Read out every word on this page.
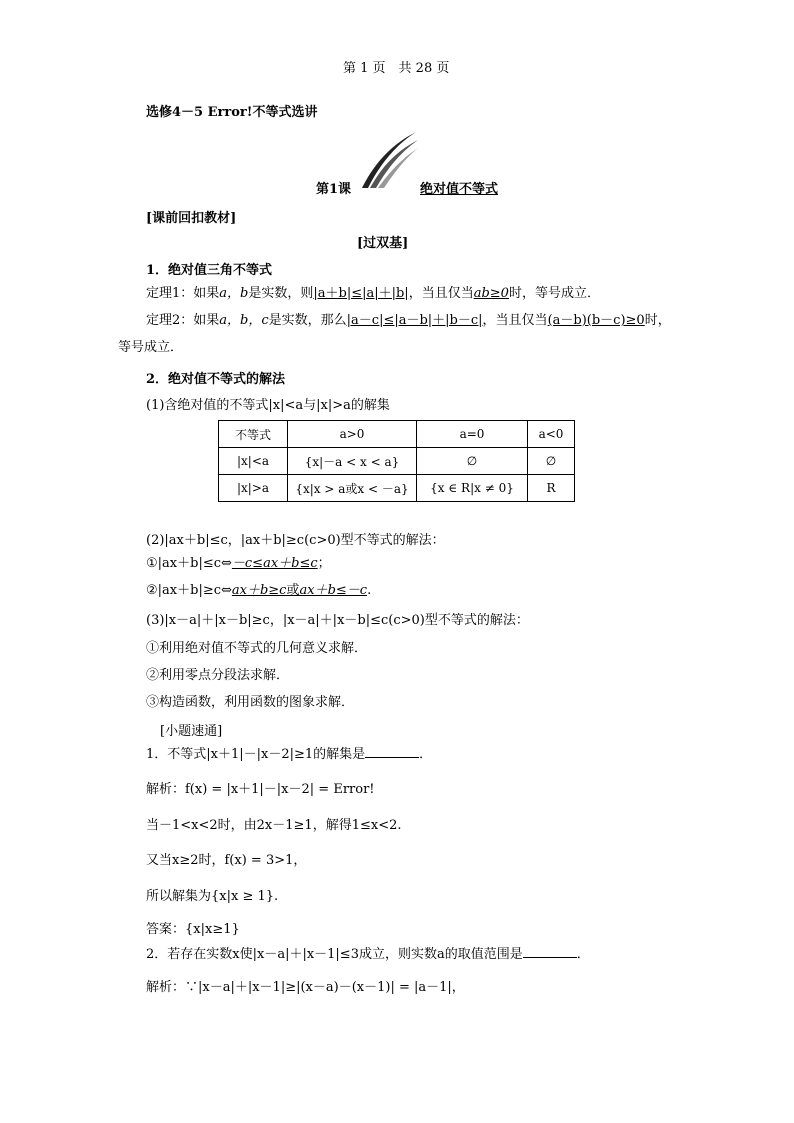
第 1 页　共 28 页
选修4－5 Error!不等式选讲
第1课	绝对值不等式
[课前回扣教材]
[过双基]
1．绝对值三角不等式
定理1：如果a，b是实数，则|a＋b|≤|a|＋|b|，当且仅当ab≥0时，等号成立．
定理2：如果a，b，c是实数，那么|a－c|≤|a－b|＋|b－c|，当且仅当(a－b)(b－c)≥0时，
等号成立．
2．绝对值不等式的解法
(1)含绝对值的不等式|x|<a与|x|>a的解集
不等式	a>0	a=0	a<0
|x|<a	{x|－a < x < a}	∅	∅
|x|>a	{x|x > a或x < －a}	{x ∈ R|x ≠ 0}	R
(2)|ax＋b|≤c，|ax＋b|≥c(c>0)型不等式的解法：
①|ax＋b|≤c⇔－c≤ax＋b≤c；
②|ax＋b|≥c⇔ax＋b≥c或ax＋b≤－c.
(3)|x－a|＋|x－b|≥c，|x－a|＋|x－b|≤c(c>0)型不等式的解法：
①利用绝对值不等式的几何意义求解．
②利用零点分段法求解．
③构造函数，利用函数的图象求解．
[小题速通]
1．不等式|x＋1|－|x－2|≥1的解集是	．
解析：f(x) = |x＋1|－|x－2| = Error!
当－1<x<2时，由2x－1≥1，解得1≤x<2.
又当x≥2时，f(x) = 3>1，
所以解集为{x|x ≥ 1}.
答案：{x|x≥1}
2．若存在实数x使|x－a|＋|x－1|≤3成立，则实数a的取值范围是	．
解析：∵|x－a|＋|x－1|≥|(x－a)－(x－1)| = |a－1|，
